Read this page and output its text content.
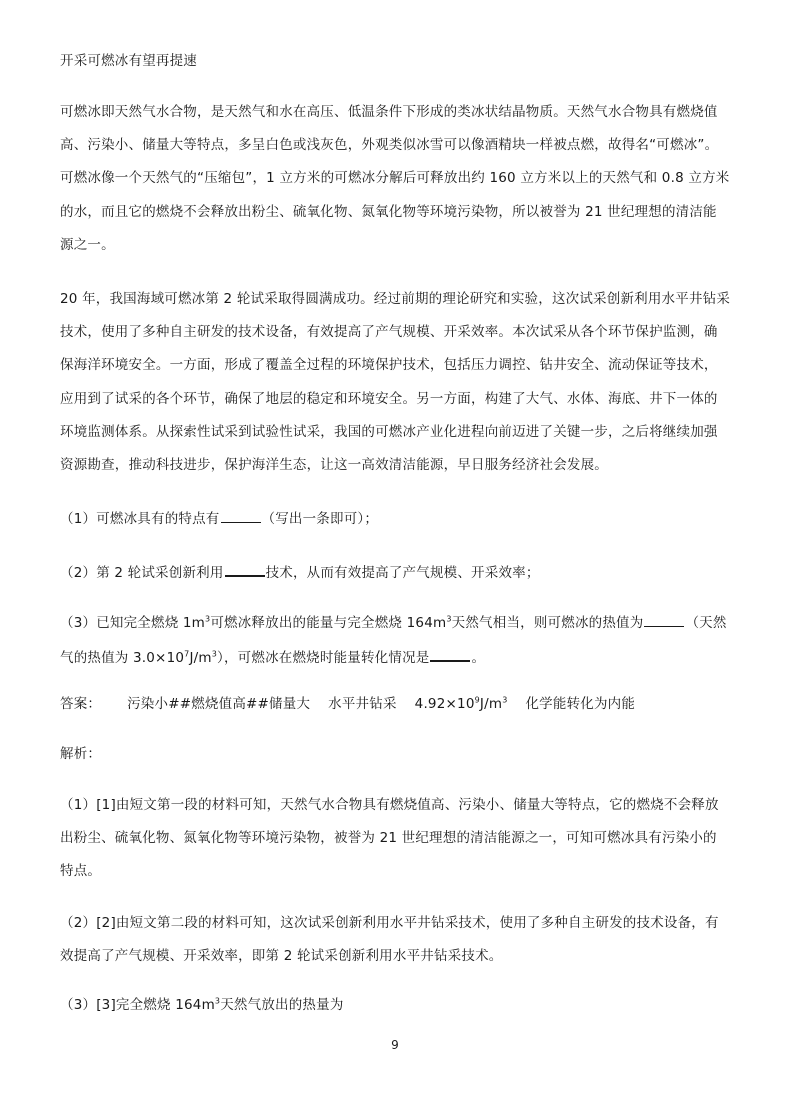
开采可燃冰有望再提速
可燃冰即天然气水合物，是天然气和水在高压、低温条件下形成的类冰状结晶物质。天然气水合物具有燃烧值
高、污染小、储量大等特点，多呈白色或浅灰色，外观类似冰雪可以像酒精块一样被点燃，故得名“可燃冰”。
可燃冰像一个天然气的“压缩包”，1 立方米的可燃冰分解后可释放出约 160 立方米以上的天然气和 0.8 立方米
的水，而且它的燃烧不会释放出粉尘、硫氧化物、氮氧化物等环境污染物，所以被誉为 21 世纪理想的清洁能
源之一。
20 年，我国海域可燃冰第 2 轮试采取得圆满成功。经过前期的理论研究和实验，这次试采创新利用水平井钻采
技术，使用了多种自主研发的技术设备，有效提高了产气规模、开采效率。本次试采从各个环节保护监测，确
保海洋环境安全。一方面，形成了覆盖全过程的环境保护技术，包括压力调控、钻井安全、流动保证等技术，
应用到了试采的各个环节，确保了地层的稳定和环境安全。另一方面，构建了大气、水体、海底、井下一体的
环境监测体系。从探索性试采到试验性试采，我国的可燃冰产业化进程向前迈进了关键一步，之后将继续加强
资源勘查，推动科技进步，保护海洋生态，让这一高效清洁能源，早日服务经济社会发展。
（1）可燃冰具有的特点有	（写出一条即可）；
（2）第 2 轮试采创新利用	技术，从而有效提高了产气规模、开采效率；
（3）已知完全燃烧 $1m^3$可燃冰释放出的能量与完全燃烧 $164m^3$天然气相当，则可燃冰的热值为	（天然
气的热值为 $3.0\times 10^7J/m^3$），可燃冰在燃烧时能量转化情况是	。
答案： 污染小##燃烧值高##储量大 水平井钻采 $4.92\times 10^9J/m^3$ 化学能转化为内能
解析：
（1）[1]由短文第一段的材料可知，天然气水合物具有燃烧值高、污染小、储量大等特点，它的燃烧不会释放
出粉尘、硫氧化物、氮氧化物等环境污染物，被誉为 21 世纪理想的清洁能源之一，可知可燃冰具有污染小的
特点。
（2）[2]由短文第二段的材料可知，这次试采创新利用水平井钻采技术，使用了多种自主研发的技术设备，有
效提高了产气规模、开采效率，即第 2 轮试采创新利用水平井钻采技术。
（3）[3]完全燃烧 $164m^3$天然气放出的热量为
9
